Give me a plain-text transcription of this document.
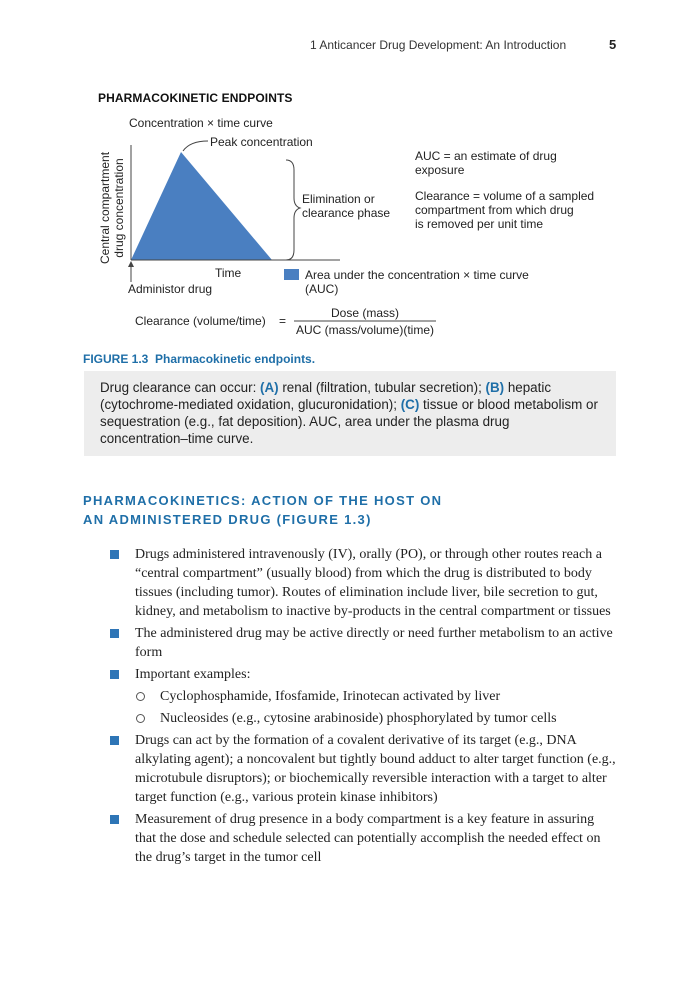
1 Anticancer Drug Development: An Introduction	5
PHARMACOKINETIC ENDPOINTS
Concentration × time curve
Peak concentration
Central compartment drug concentration	Elimination or
clearance phase
AUC = an estimate of drug
exposure
Clearance = volume of a sampled
compartment from which drug
is removed per unit time
Time
Administor drug
Area under the concentration × time curve
(AUC)
Clearance (volume/time) =
Dose (mass)
AUC (mass/volume)(time)
FIGURE 1.3 Pharmacokinetic endpoints.
Drug clearance can occur: (A) renal (filtration, tubular secretion); (B) hepatic (cytochrome-mediated oxidation, glucuronidation); (C) tissue or blood metabolism or sequestration (e.g., fat deposition). AUC, area under the plasma drug concentration–time curve.
PHARMACOKINETICS: ACTION OF THE HOST ON
AN ADMINISTERED DRUG (FIGURE 1.3)
Drugs administered intravenously (IV), orally (PO), or through other routes reach a “central compartment” (usually blood) from which the drug is distributed to body tissues (including tumor). Routes of elimination include liver, bile secretion to gut, kidney, and metabolism to inactive by-products in the central compartment or tissues
The administered drug may be active directly or need further metabolism to an active form
Important examples:
Cyclophosphamide, Ifosfamide, Irinotecan activated by liver
Nucleosides (e.g., cytosine arabinoside) phosphorylated by tumor cells
Drugs can act by the formation of a covalent derivative of its target (e.g., DNA alkylating agent); a noncovalent but tightly bound adduct to alter target function (e.g., microtubule disruptors); or biochemically reversible interaction with a target to alter target function (e.g., various protein kinase inhibitors)
Measurement of drug presence in a body compartment is a key feature in assuring that the dose and schedule selected can potentially accomplish the needed effect on the drug’s target in the tumor cell
